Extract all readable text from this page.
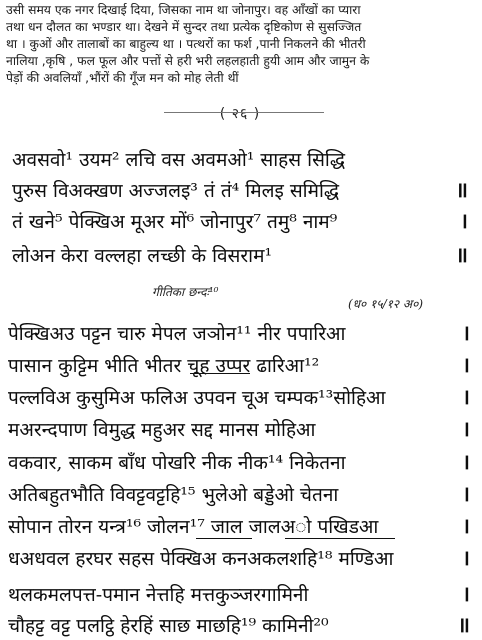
उसी समय एक नगर दिखाई दिया, जिसका नाम था जोनापुर। वह आँखों का प्यारा
तथा धन दौलत का भण्डार था। देखने में सुन्दर तथा प्रत्येक दृष्टिकोण से सुसज्जित
था । कुओं और तालाबों का बाहुल्य था । पत्थरों का फर्श ,पानी निकलने की भीतरी
नालिया ,कृषि , फल फूल और पत्तों से हरी भरी लहलहाती हुयी आम और जामुन के
पेड़ों की अवलियाँ ,भौंरों की गूँज मन को मोह लेती थीं
( २६ )
अवसवो¹ उयम² लचि वस अवमओ¹ साहस सिद्धि
पुरुस विअक्खण अज्जलइ³ तं तं⁴ मिलइ समिद्धि	॥
तं खने⁵ पेक्खिअ मूअर मों⁶ जोनापुर⁷ तमु⁸ नाम⁹	।
लोअन केरा वल्लहा लच्छी के विसराम¹	॥
गीतिका छन्दः¹⁰
(ध० १५/१२ अ०)
पेक्खिअउ पट्टन चारु मेपल जञोन¹¹ नीर पपारिआ	।
पासान कुट्टिम भीति भीतर चूह उप्पर ढारिआ¹²	।
पल्लविअ कुसुमिअ फलिअ उपवन चूअ चम्पक¹³सोहिआ	।
मअरन्दपाण विमुद्ध महुअर सद्द मानस मोहिआ	।
वकवार, साकम बाँध पोखरि नीक नीक¹⁴ निकेतना	।
अतिबहुतभौति विवट्टवट्टहि¹⁵ भुलेओ बड्डेओ चेतना	।
सोपान तोरन यन्त्र¹⁶ जोलन¹⁷ जाल जालअो पखिडआ	।
धअधवल हरघर सहस पेक्खिअ कनअकलशहि¹⁸ मण्डिआ	।
थलकमलपत्त-पमान नेत्तहि मत्तकुञ्जरगामिनी	।
चौहट्ट वट्ट पलट्ठि हेरहिं साछ माछहि¹⁹ कामिनी²⁰	॥
